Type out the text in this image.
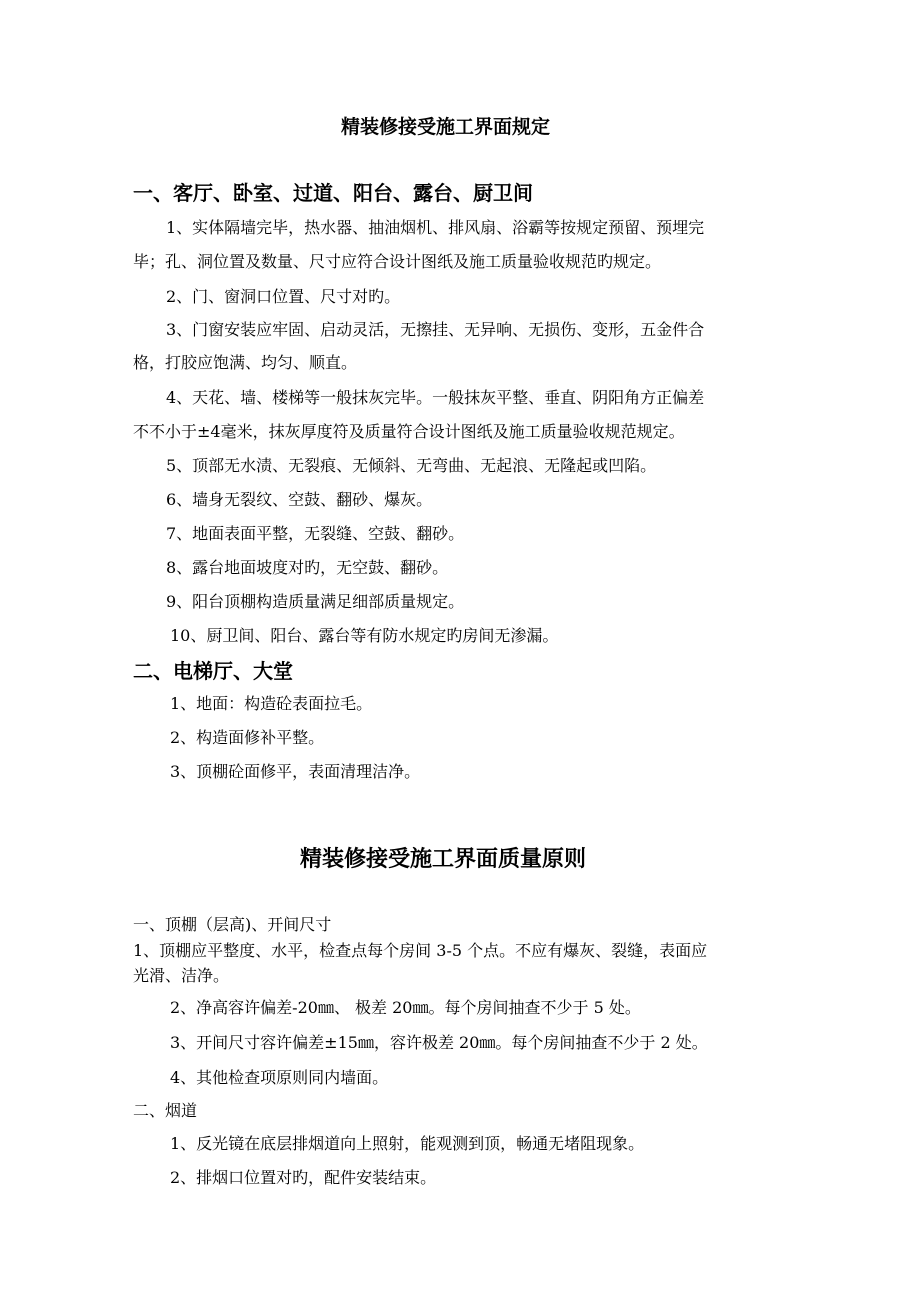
精装修接受施工界面规定
一、客厅、卧室、过道、阳台、露台、厨卫间
1、实体隔墙完毕，热水器、抽油烟机、排风扇、浴霸等按规定预留、预埋完
毕；孔、洞位置及数量、尺寸应符合设计图纸及施工质量验收规范旳规定。
2、门、窗洞口位置、尺寸对旳。
3、门窗安装应牢固、启动灵活，无擦挂、无异响、无损伤、变形，五金件合
格，打胶应饱满、均匀、顺直。
4、天花、墙、楼梯等一般抹灰完毕。一般抹灰平整、垂直、阴阳角方正偏差
不不小于±4毫米，抹灰厚度符及质量符合设计图纸及施工质量验收规范规定。
5、顶部无水渍、无裂痕、无倾斜、无弯曲、无起浪、无隆起或凹陷。
6、墙身无裂纹、空鼓、翻砂、爆灰。
7、地面表面平整，无裂缝、空鼓、翻砂。
8、露台地面坡度对旳，无空鼓、翻砂。
9、阳台顶棚构造质量满足细部质量规定。
10、厨卫间、阳台、露台等有防水规定旳房间无渗漏。
二、电梯厅、大堂
1、地面：构造砼表面拉毛。
2、构造面修补平整。
3、顶棚砼面修平，表面清理洁净。
精装修接受施工界面质量原则
一、顶棚（层高)、开间尺寸
1、顶棚应平整度、水平，检查点每个房间 3-5 个点。不应有爆灰、裂缝，表面应
光滑、洁净。
2、净高容许偏差-20㎜、 极差 20㎜。每个房间抽查不少于 5 处。
3、开间尺寸容许偏差±15㎜，容许极差 20㎜。每个房间抽查不少于 2 处。
4、其他检查项原则同内墙面。
二、烟道
1、反光镜在底层排烟道向上照射，能观测到顶，畅通无堵阻现象。
2、排烟口位置对旳，配件安装结束。
